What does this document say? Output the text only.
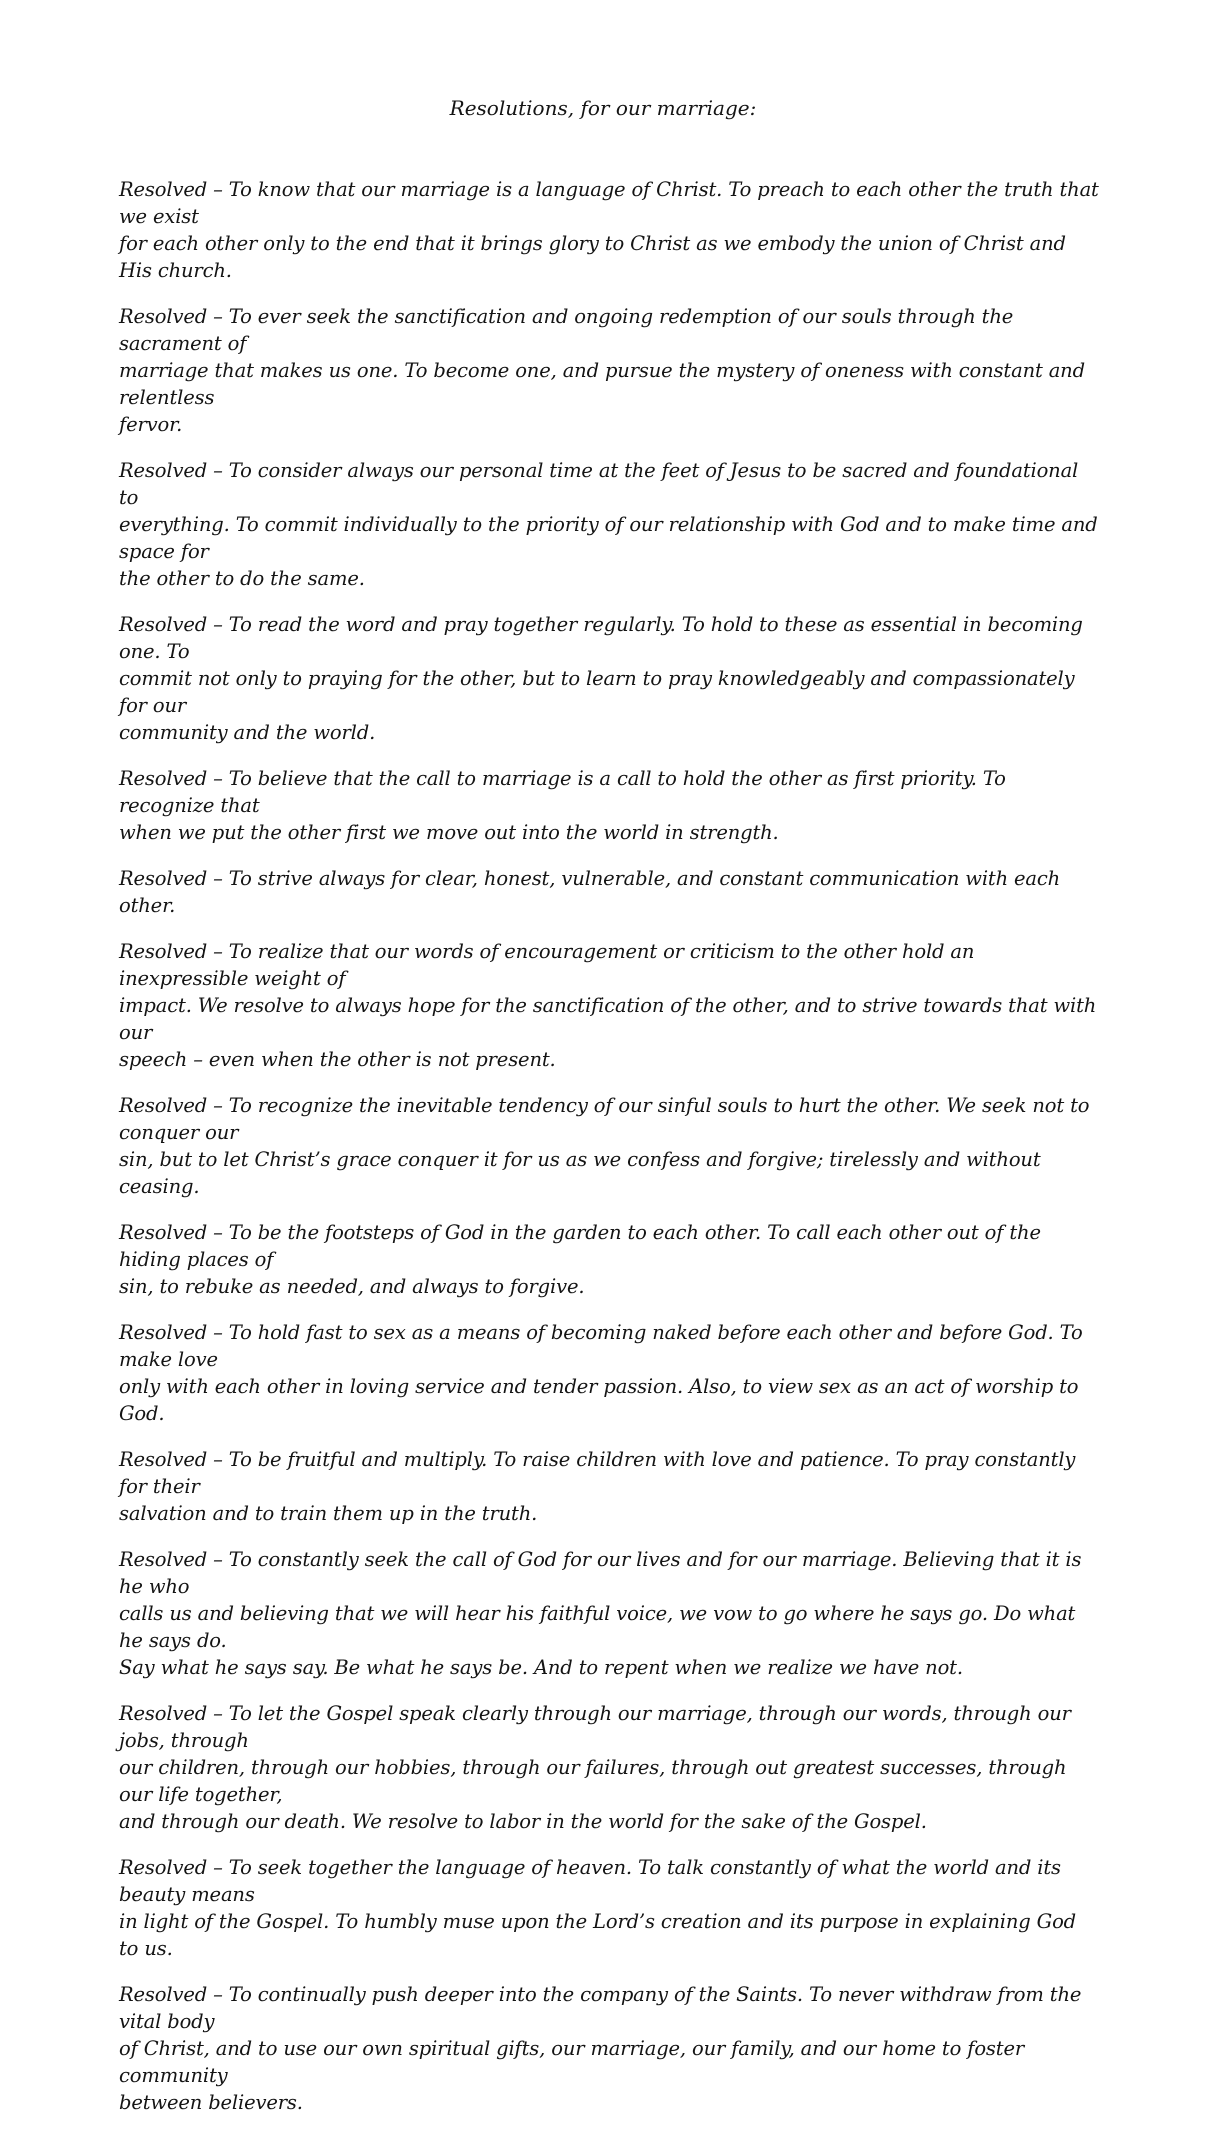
Resolutions, for our marriage:

Resolved – To know that our marriage is a language of Christ. To preach to each other the truth that we exist
for each other only to the end that it brings glory to Christ as we embody the union of Christ and His church.

Resolved – To ever seek the sanctification and ongoing redemption of our souls through the sacrament of
marriage that makes us one. To become one, and pursue the mystery of oneness with constant and relentless
fervor.

Resolved – To consider always our personal time at the feet of Jesus to be sacred and foundational to
everything. To commit individually to the priority of our relationship with God and to make time and space for
the other to do the same.

Resolved – To read the word and pray together regularly. To hold to these as essential in becoming one. To
commit not only to praying for the other, but to learn to pray knowledgeably and compassionately for our
community and the world.

Resolved – To believe that the call to marriage is a call to hold the other as first priority. To recognize that
when we put the other first we move out into the world in strength.

Resolved – To strive always for clear, honest, vulnerable, and constant communication with each other.

Resolved – To realize that our words of encouragement or criticism to the other hold an inexpressible weight of
impact. We resolve to always hope for the sanctification of the other, and to strive towards that with our
speech – even when the other is not present.

Resolved – To recognize the inevitable tendency of our sinful souls to hurt the other. We seek not to conquer our
sin, but to let Christ’s grace conquer it for us as we confess and forgive; tirelessly and without ceasing.

Resolved – To be the footsteps of God in the garden to each other. To call each other out of the hiding places of
sin, to rebuke as needed, and always to forgive.

Resolved – To hold fast to sex as a means of becoming naked before each other and before God. To make love
only with each other in loving service and tender passion. Also, to view sex as an act of worship to God.

Resolved – To be fruitful and multiply. To raise children with love and patience. To pray constantly for their
salvation and to train them up in the truth.

Resolved – To constantly seek the call of God for our lives and for our marriage. Believing that it is he who
calls us and believing that we will hear his faithful voice, we vow to go where he says go. Do what he says do.
Say what he says say. Be what he says be. And to repent when we realize we have not.

Resolved – To let the Gospel speak clearly through our marriage, through our words, through our jobs, through
our children, through our hobbies, through our failures, through out greatest successes, through our life together,
and through our death. We resolve to labor in the world for the sake of the Gospel.

Resolved – To seek together the language of heaven. To talk constantly of what the world and its beauty means
in light of the Gospel. To humbly muse upon the Lord’s creation and its purpose in explaining God to us.

Resolved – To continually push deeper into the company of the Saints. To never withdraw from the vital body
of Christ, and to use our own spiritual gifts, our marriage, our family, and our home to foster community
between believers.
